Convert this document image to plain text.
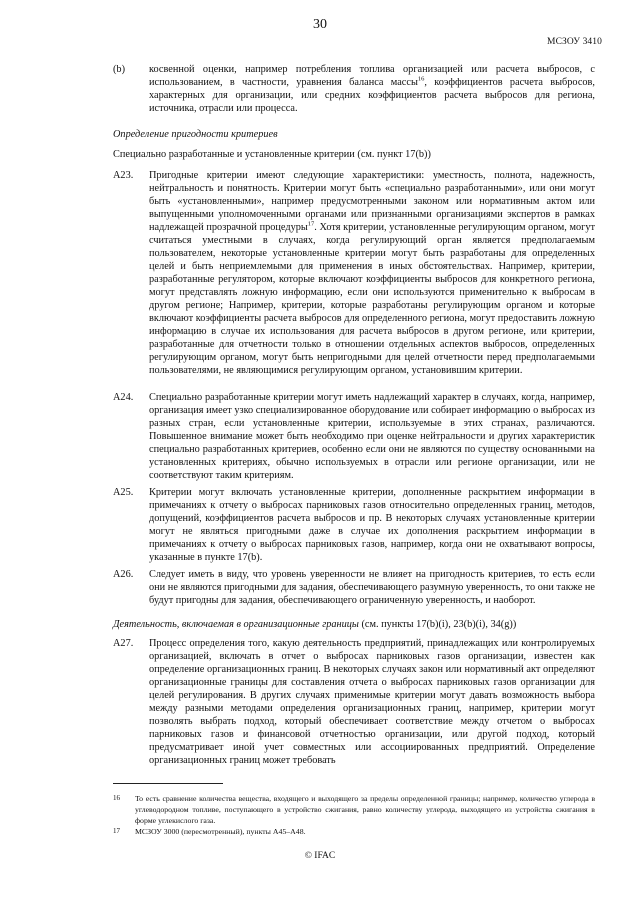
30
МСЗОУ 3410
(b) косвенной оценки, например потребления топлива организацией или расчета выбросов, с использованием, в частности, уравнения баланса массы$^{16}$, коэффициентов расчета выбросов, характерных для организации, или средних коэффициентов расчета выбросов для региона, источника, отрасли или процесса.
Определение пригодности критериев
Специально разработанные и установленные критерии (см. пункт 17(b))
A23. Пригодные критерии имеют следующие характеристики: уместность, полнота, надежность, нейтральность и понятность. Критерии могут быть «специально разработанными», или они могут быть «установленными», например предусмотренными законом или нормативным актом или выпущенными уполномоченными органами или признанными организациями экспертов в рамках надлежащей прозрачной процедуры$^{17}$. Хотя критерии, установленные регулирующим органом, могут считаться уместными в случаях, когда регулирующий орган является предполагаемым пользователем, некоторые установленные критерии могут быть разработаны для определенных целей и быть неприемлемыми для применения в иных обстоятельствах. Например, критерии, разработанные регулятором, которые включают коэффициенты выбросов для конкретного региона, могут представлять ложную информацию, если они используются применительно к выбросам в другом регионе; Например, критерии, которые разработаны регулирующим органом и которые включают коэффициенты расчета выбросов для определенного региона, могут предоставить ложную информацию в случае их использования для расчета выбросов в другом регионе, или критерии, разработанные для отчетности только в отношении отдельных аспектов выбросов, определенных регулирующим органом, могут быть непригодными для целей отчетности перед предполагаемыми пользователями, не являющимися регулирующим органом, установившим критерии.
A24. Специально разработанные критерии могут иметь надлежащий характер в случаях, когда, например, организация имеет узко специализированное оборудование или собирает информацию о выбросах из разных стран, если установленные критерии, используемые в этих странах, различаются. Повышенное внимание может быть необходимо при оценке нейтральности и других характеристик специально разработанных критериев, особенно если они не являются по существу основанными на установленных критериях, обычно используемых в отрасли или регионе организации, или не соответствуют таким критериям.
A25. Критерии могут включать установленные критерии, дополненные раскрытием информации в примечаниях к отчету о выбросах парниковых газов относительно определенных границ, методов, допущений, коэффициентов расчета выбросов и пр. В некоторых случаях установленные критерии могут не являться пригодными даже в случае их дополнения раскрытием информации в примечаниях к отчету о выбросах парниковых газов, например, когда они не охватывают вопросы, указанные в пункте 17(b).
A26. Следует иметь в виду, что уровень уверенности не влияет на пригодность критериев, то есть если они не являются пригодными для задания, обеспечивающего разумную уверенность, то они также не будут пригодны для задания, обеспечивающего ограниченную уверенность, и наоборот.
Деятельность, включаемая в организационные границы (см. пункты 17(b)(i), 23(b)(i), 34(g))
A27. Процесс определения того, какую деятельность предприятий, принадлежащих или контролируемых организацией, включать в отчет о выбросах парниковых газов организации, известен как определение организационных границ. В некоторых случаях закон или нормативный акт определяют организационные границы для составления отчета о выбросах парниковых газов организации для целей регулирования. В других случаях применимые критерии могут давать возможность выбора между разными методами определения организационных границ, например, критерии могут позволять выбрать подход, который обеспечивает соответствие между отчетом о выбросах парниковых газов и финансовой отчетностью организации, или другой подход, который предусматривает иной учет совместных или ассоциированных предприятий. Определение организационных границ может требовать
16 То есть сравнение количества вещества, входящего и выходящего за пределы определенной границы; например, количество углерода в углеводородном топливе, поступающего в устройство сжигания, равно количеству углерода, выходящего из устройства сжигания в форме углекислого газа.
17 МСЗОУ 3000 (пересмотренный), пункты A45–A48.
© IFAC
